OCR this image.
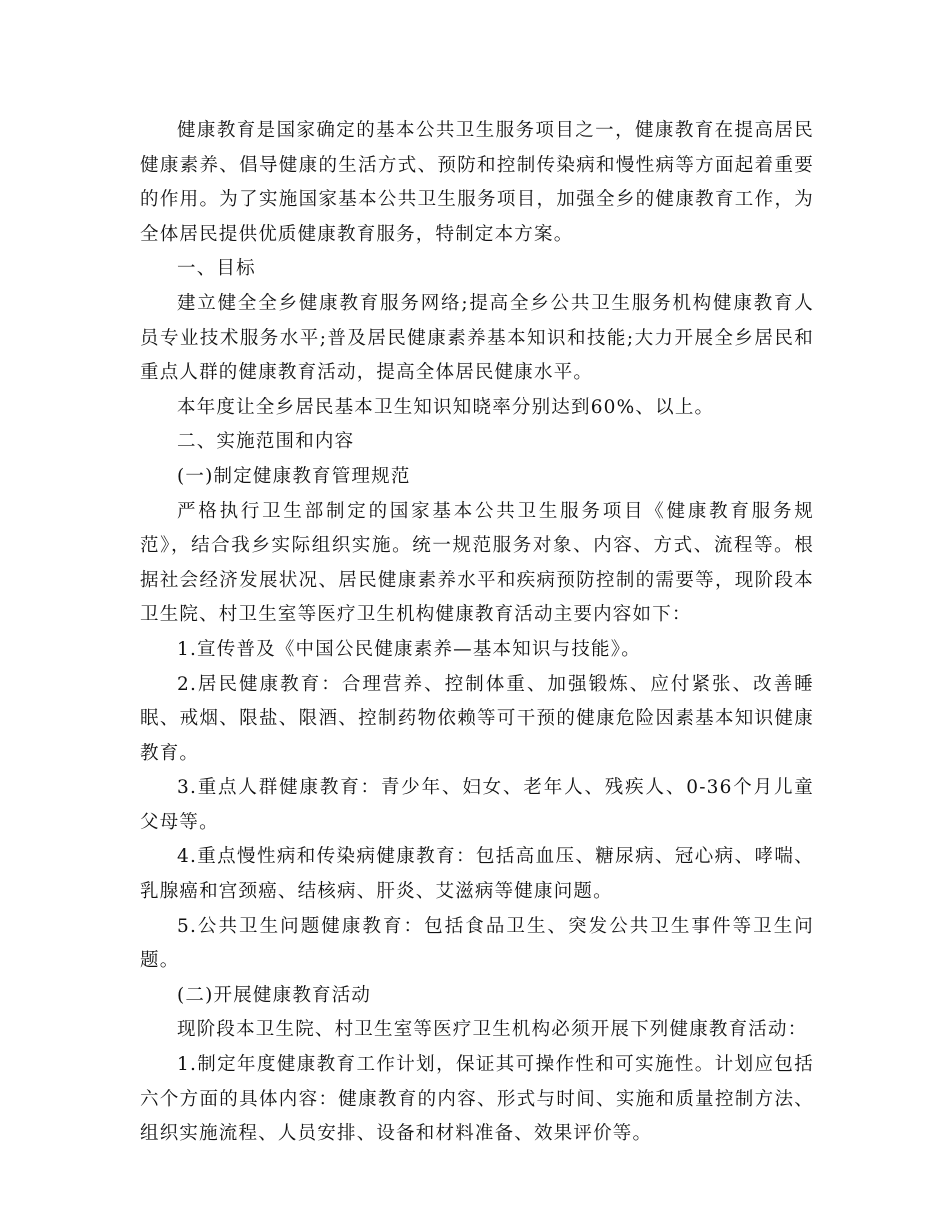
健康教育是国家确定的基本公共卫生服务项目之一，健康教育在提高居民健康素养、倡导健康的生活方式、预防和控制传染病和慢性病等方面起着重要的作用。为了实施国家基本公共卫生服务项目，加强全乡的健康教育工作，为全体居民提供优质健康教育服务，特制定本方案。

一、目标

建立健全全乡健康教育服务网络;提高全乡公共卫生服务机构健康教育人员专业技术服务水平;普及居民健康素养基本知识和技能;大力开展全乡居民和重点人群的健康教育活动，提高全体居民健康水平。

本年度让全乡居民基本卫生知识知晓率分别达到60%、以上。

二、实施范围和内容

(一)制定健康教育管理规范

严格执行卫生部制定的国家基本公共卫生服务项目《健康教育服务规范》，结合我乡实际组织实施。统一规范服务对象、内容、方式、流程等。根据社会经济发展状况、居民健康素养水平和疾病预防控制的需要等，现阶段本卫生院、村卫生室等医疗卫生机构健康教育活动主要内容如下：

1.宣传普及《中国公民健康素养—基本知识与技能》。

2.居民健康教育：合理营养、控制体重、加强锻炼、应付紧张、改善睡眠、戒烟、限盐、限酒、控制药物依赖等可干预的健康危险因素基本知识健康教育。

3.重点人群健康教育：青少年、妇女、老年人、残疾人、0-36个月儿童父母等。

4.重点慢性病和传染病健康教育：包括高血压、糖尿病、冠心病、哮喘、乳腺癌和宫颈癌、结核病、肝炎、艾滋病等健康问题。

5.公共卫生问题健康教育：包括食品卫生、突发公共卫生事件等卫生问题。

(二)开展健康教育活动

现阶段本卫生院、村卫生室等医疗卫生机构必须开展下列健康教育活动：

1.制定年度健康教育工作计划，保证其可操作性和可实施性。计划应包括六个方面的具体内容：健康教育的内容、形式与时间、实施和质量控制方法、组织实施流程、人员安排、设备和材料准备、效果评价等。
